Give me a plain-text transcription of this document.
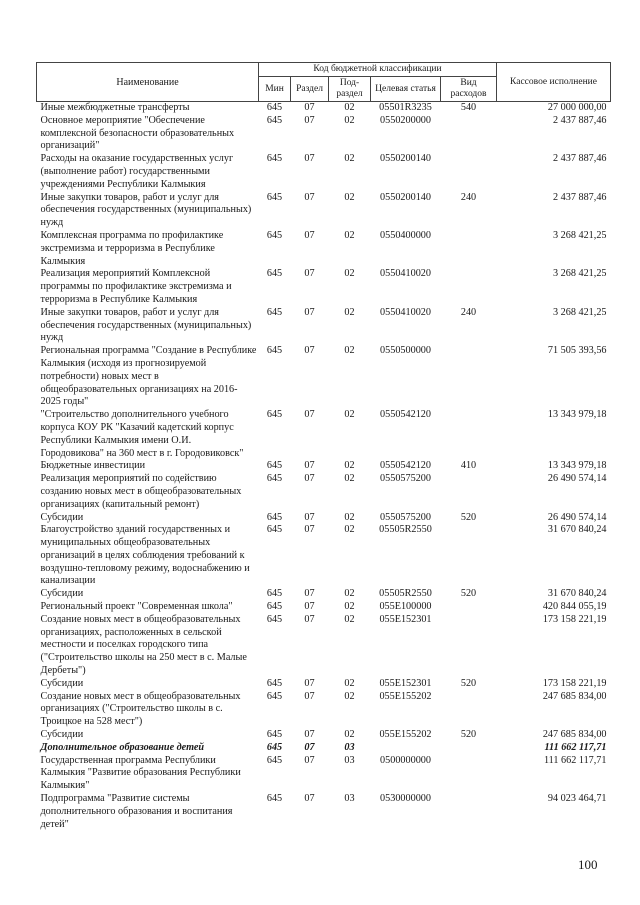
Наименование	Код бюджетной классификации					Кассовое исполнение
	Мин	Раздел	Под-раздел	Целевая статья	Вид расходов	
Иные межбюджетные трансферты	645	07	02	05501R3235	540	27 000 000,00
Основное мероприятие "Обеспечение комплексной безопасности образовательных организаций"	645	07	02	0550200000		2 437 887,46
Расходы на оказание государственных услуг (выполнение работ) государственными учреждениями Республики Калмыкия	645	07	02	0550200140		2 437 887,46
Иные закупки товаров, работ и услуг для обеспечения государственных (муниципальных) нужд	645	07	02	0550200140	240	2 437 887,46
Комплексная программа по профилактике экстремизма и терроризма в Республике Калмыкия	645	07	02	0550400000		3 268 421,25
Реализация мероприятий Комплексной программы по профилактике экстремизма и терроризма в Республике Калмыкия	645	07	02	0550410020		3 268 421,25
Иные закупки товаров, работ и услуг для обеспечения государственных (муниципальных) нужд	645	07	02	0550410020	240	3 268 421,25
Региональная программа "Создание в Республике Калмыкия (исходя из прогнозируемой потребности) новых мест в общеобразовательных организациях на 2016-2025 годы"	645	07	02	0550500000		71 505 393,56
"Строительство дополнительного учебного корпуса КОУ РК "Казачий кадетский корпус Республики Калмыкия имени О.И. Городовикова" на 360 мест в г. Городовиковск"	645	07	02	0550542120		13 343 979,18
Бюджетные инвестиции	645	07	02	0550542120	410	13 343 979,18
Реализация мероприятий по содействию созданию новых мест в общеобразовательных организациях (капитальный ремонт)	645	07	02	0550575200		26 490 574,14
Субсидии	645	07	02	0550575200	520	26 490 574,14
Благоустройство зданий государственных и муниципальных общеобразовательных организаций в целях соблюдения требований к воздушно-тепловому режиму, водоснабжению и канализации	645	07	02	05505R2550		31 670 840,24
Субсидии	645	07	02	05505R2550	520	31 670 840,24
Региональный проект "Современная школа"	645	07	02	055E100000		420 844 055,19
Создание новых мест в общеобразовательных организациях, расположенных в сельской местности и поселках городского типа ("Строительство школы на 250 мест в с. Малые Дербеты")	645	07	02	055E152301		173 158 221,19
Субсидии	645	07	02	055E152301	520	173 158 221,19
Создание новых мест в общеобразовательных организациях ("Строительство школы в с. Троицкое на 528 мест")	645	07	02	055E155202		247 685 834,00
Субсидии	645	07	02	055E155202	520	247 685 834,00
Дополнительное образование детей	645	07	03			111 662 117,71
Государственная программа Республики Калмыкия "Развитие образования Республики Калмыкия"	645	07	03	0500000000		111 662 117,71
Подпрограмма "Развитие системы дополнительного образования и воспитания детей"	645	07	03	0530000000		94 023 464,71
100
